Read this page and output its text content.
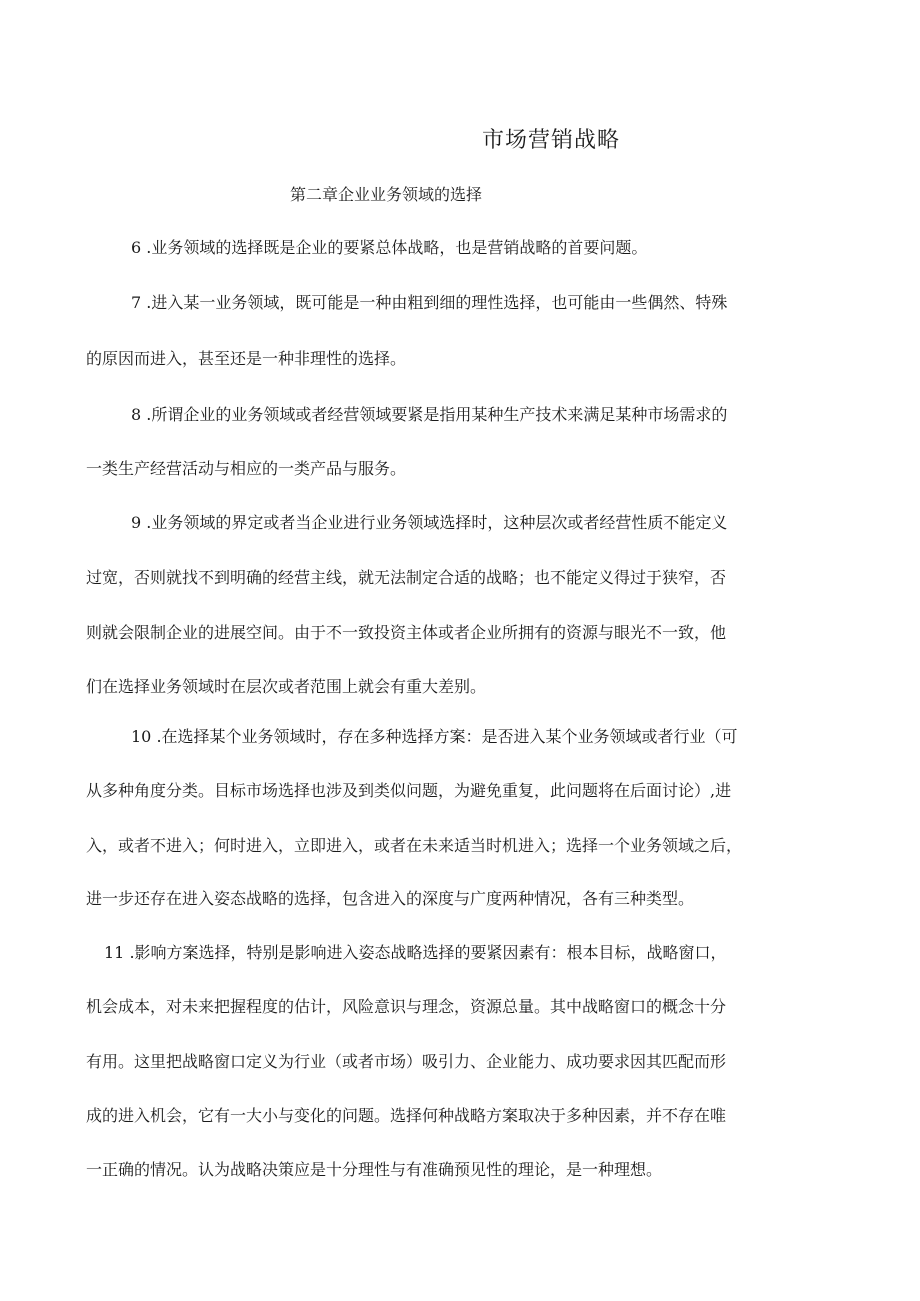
市场营销战略
第二章企业业务领域的选择
6 .业务领域的选择既是企业的要紧总体战略，也是营销战略的首要问题。
7 .进入某一业务领域，既可能是一种由粗到细的理性选择，也可能由一些偶然、特殊
的原因而进入，甚至还是一种非理性的选择。
8 .所谓企业的业务领域或者经营领域要紧是指用某种生产技术来满足某种市场需求的
一类生产经营活动与相应的一类产品与服务。
9 .业务领域的界定或者当企业进行业务领域选择时，这种层次或者经营性质不能定义
过宽，否则就找不到明确的经营主线，就无法制定合适的战略；也不能定义得过于狭窄，否
则就会限制企业的进展空间。由于不一致投资主体或者企业所拥有的资源与眼光不一致，他
们在选择业务领域时在层次或者范围上就会有重大差别。
10 .在选择某个业务领域时，存在多种选择方案：是否进入某个业务领域或者行业（可
从多种角度分类。目标市场选择也涉及到类似问题，为避免重复，此问题将在后面讨论）,进
入，或者不进入；何时进入，立即进入，或者在未来适当时机进入；选择一个业务领域之后，
进一步还存在进入姿态战略的选择，包含进入的深度与广度两种情况，各有三种类型。
11 .影响方案选择，特别是影响进入姿态战略选择的要紧因素有：根本目标，战略窗口，
机会成本，对未来把握程度的估计，风险意识与理念，资源总量。其中战略窗口的概念十分
有用。这里把战略窗口定义为行业（或者市场）吸引力、企业能力、成功要求因其匹配而形
成的进入机会，它有一大小与变化的问题。选择何种战略方案取决于多种因素，并不存在唯
一正确的情况。认为战略决策应是十分理性与有准确预见性的理论，是一种理想。
